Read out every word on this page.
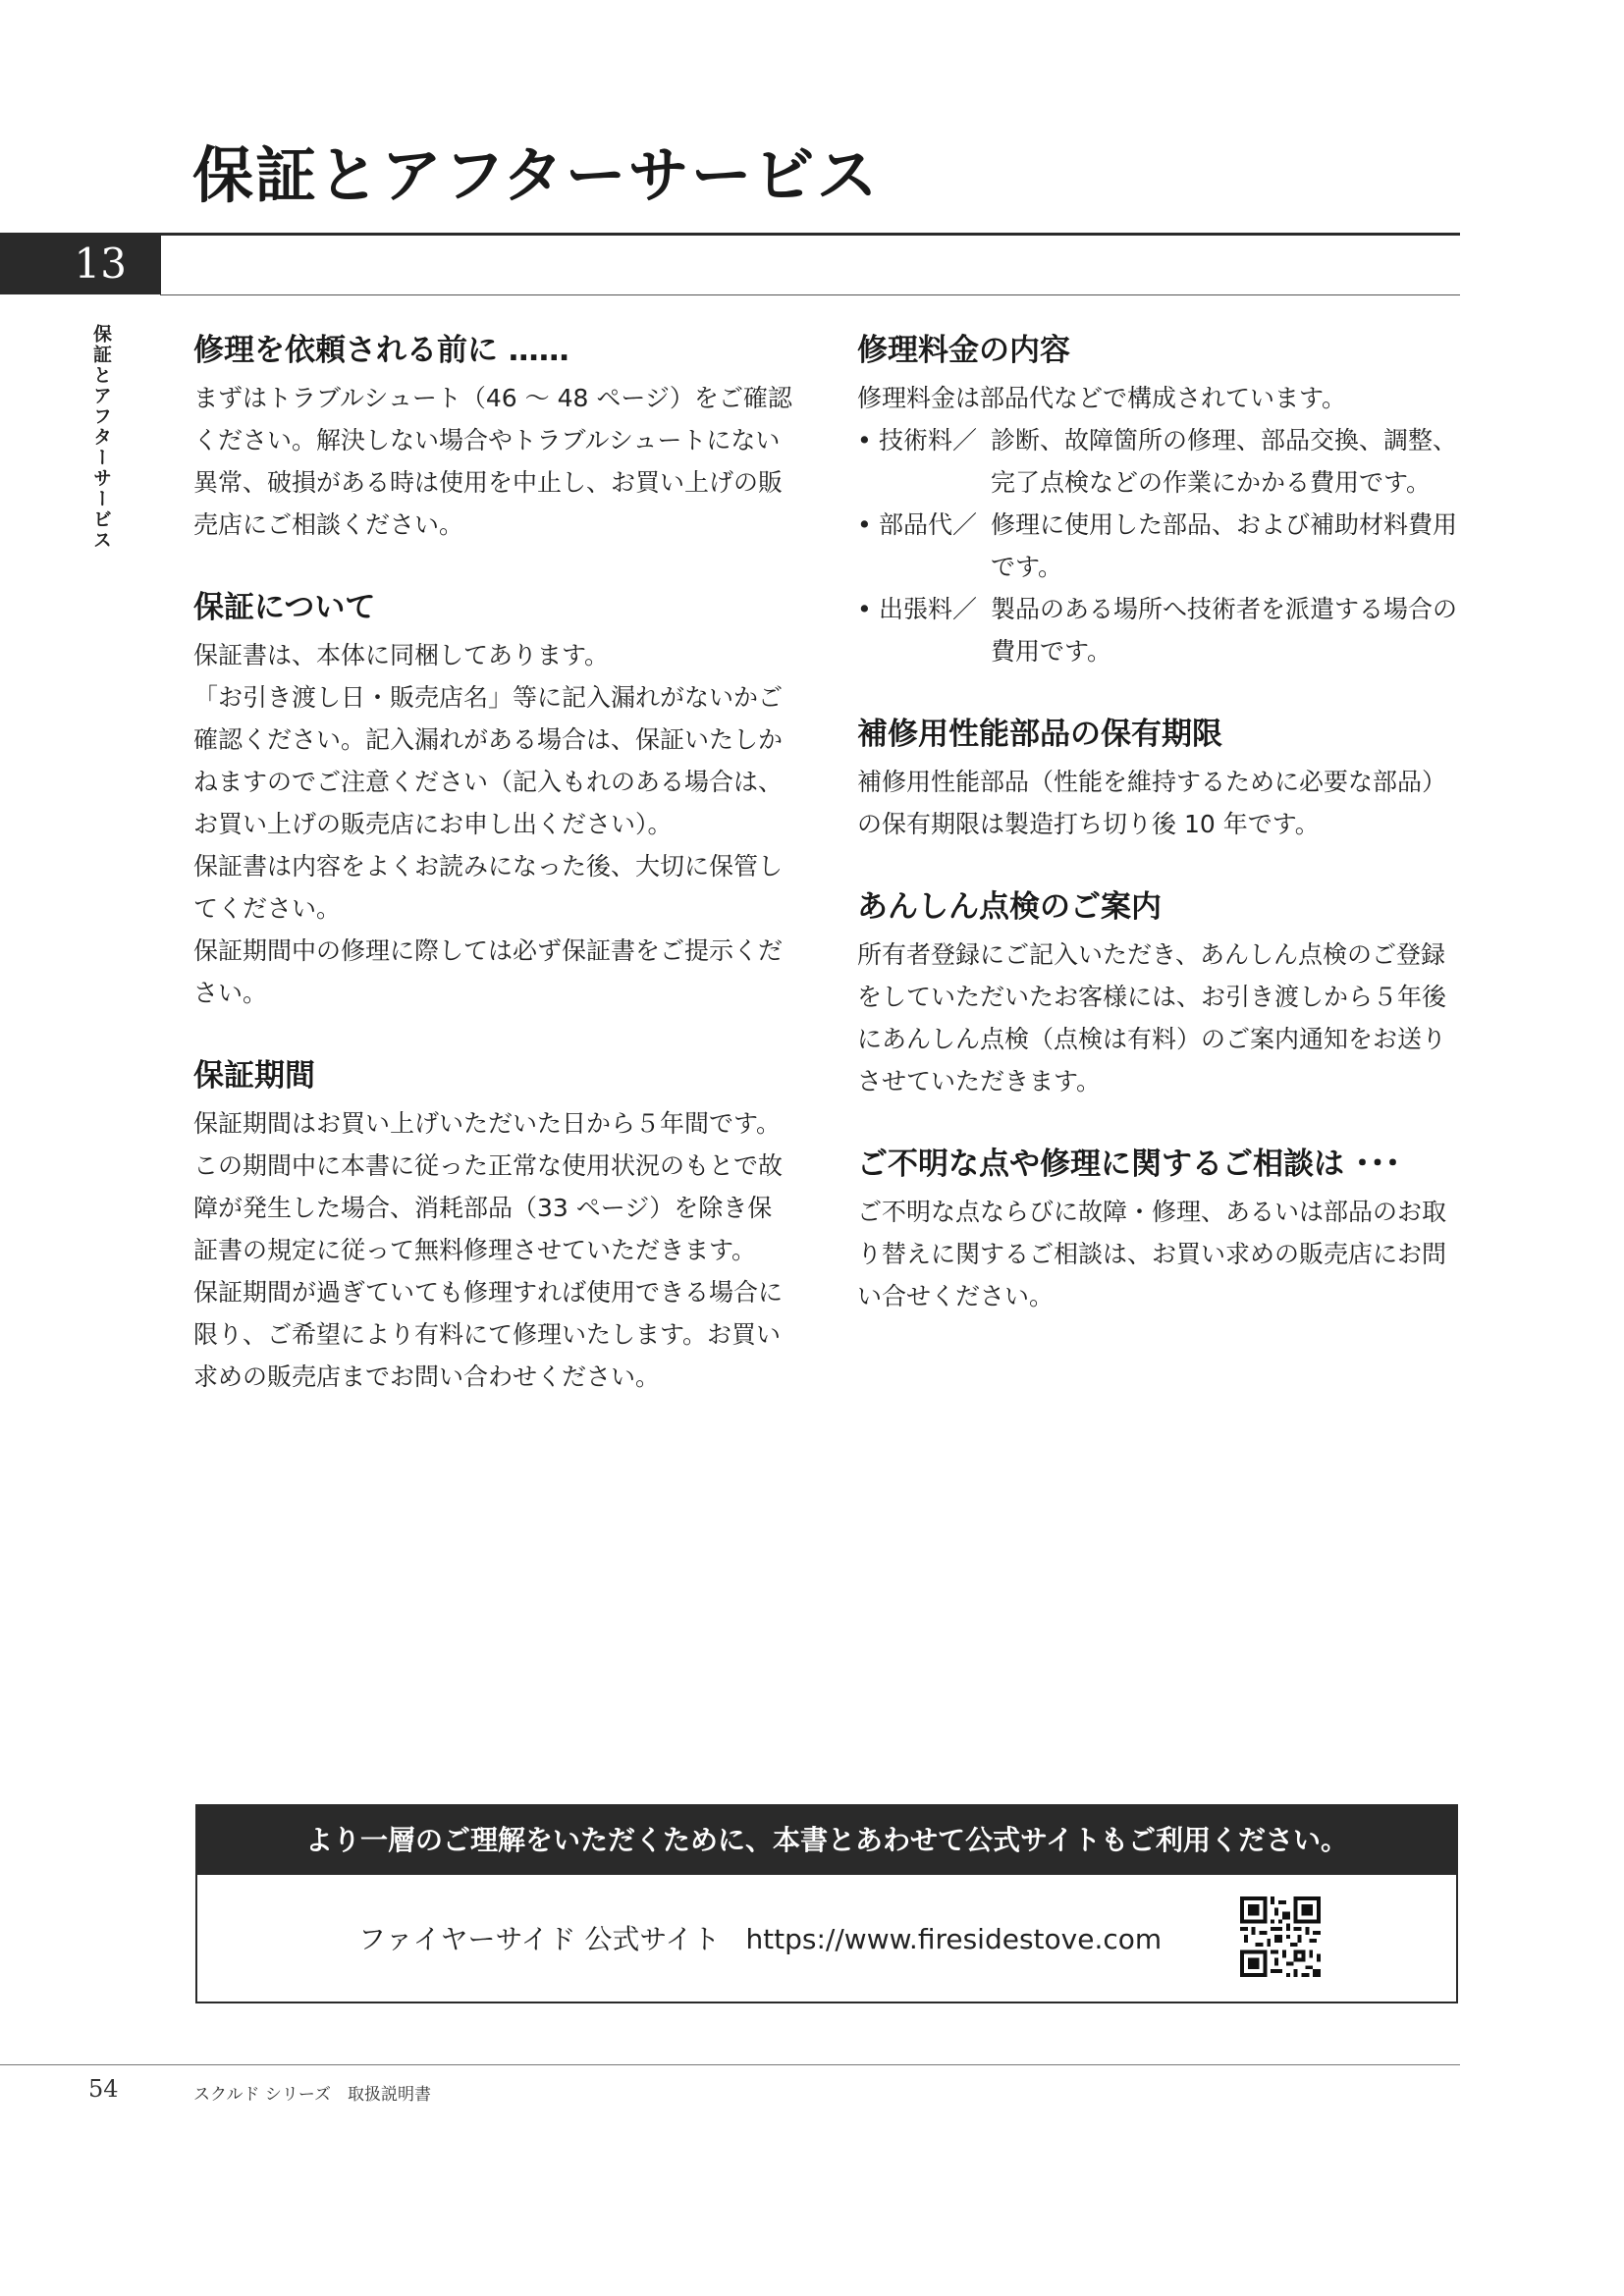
保証とアフターサービス
13
保証とアフターサービス	修理を依頼される前に ……

まずはトラブルシュート（46 ～ 48 ページ）をご確認ください。解決しない場合やトラブルシュートにない異常、破損がある時は使用を中止し、お買い上げの販売店にご相談ください。

保証について

保証書は、本体に同梱してあります。

「お引き渡し日・販売店名」等に記入漏れがないかご確認ください。記入漏れがある場合は、保証いたしかねますのでご注意ください（記入もれのある場合は、お買い上げの販売店にお申し出ください）。

保証書は内容をよくお読みになった後、大切に保管してください。

保証期間中の修理に際しては必ず保証書をご提示ください。

保証期間

保証期間はお買い上げいただいた日から５年間です。この期間中に本書に従った正常な使用状況のもとで故障が発生した場合、消耗部品（33 ページ）を除き保証書の規定に従って無料修理させていただきます。

保証期間が過ぎていても修理すれば使用できる場合に限り、ご希望により有料にて修理いたします。お買い求めの販売店までお問い合わせください。

修理料金の内容

修理料金は部品代などで構成されています。

• 技術料／ 診断、故障箇所の修理、部品交換、調整、完了点検などの作業にかかる費用です。
• 部品代／ 修理に使用した部品、および補助材料費用です。
• 出張料／ 製品のある場所へ技術者を派遣する場合の費用です。
補修用性能部品の保有期限

補修用性能部品（性能を維持するために必要な部品）の保有期限は製造打ち切り後 10 年です。

あんしん点検のご案内

所有者登録にご記入いただき、あんしん点検のご登録をしていただいたお客様には、お引き渡しから５年後にあんしん点検（点検は有料）のご案内通知をお送りさせていただきます。

ご不明な点や修理に関するご相談は ･･･

ご不明な点ならびに故障・修理、あるいは部品のお取り替えに関するご相談は、お買い求めの販売店にお問い合せください。

より一層のご理解をいただくために、本書とあわせて公式サイトもご利用ください。
ファイヤーサイド 公式サイト https://www.firesidestove.com
54	スクルド シリーズ　取扱説明書
